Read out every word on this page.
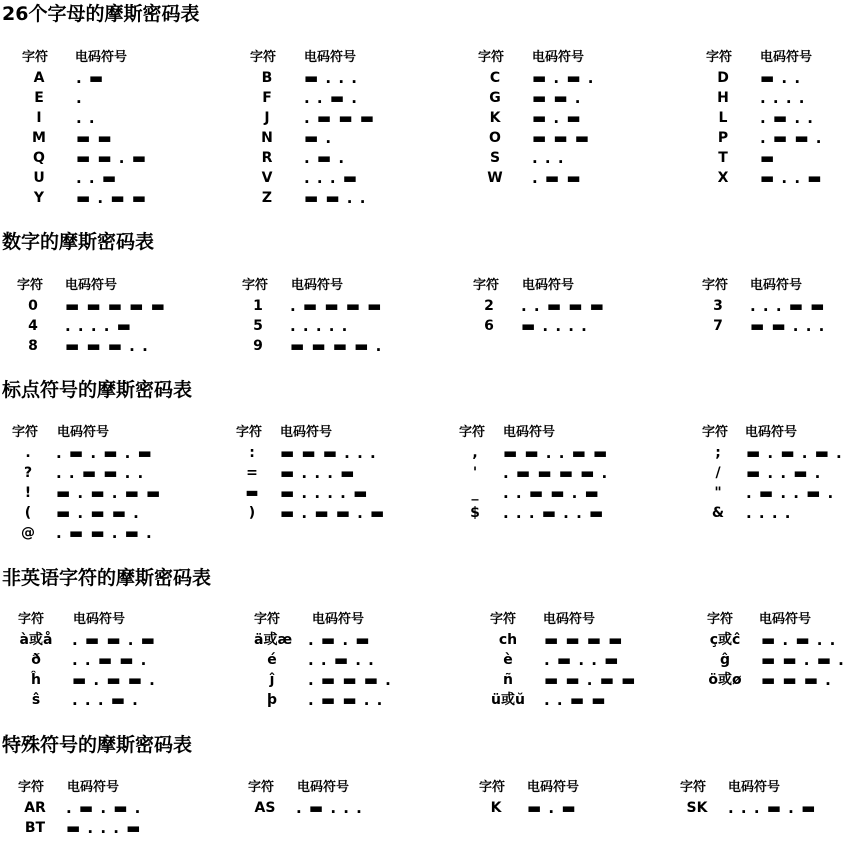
26个字母的摩斯密码表
字符 电码符号
A	. ▬
E	.
I	. .
M	▬ ▬
Q	▬ ▬ . ▬
U	. . ▬
Y	▬ . ▬ ▬
字符 电码符号
B	▬ . . .
F	. . ▬ .
J	. ▬ ▬ ▬
N	▬ .
R	. ▬ .
V	. . . ▬
Z	▬ ▬ . .
字符 电码符号
C	▬ . ▬ .
G	▬ ▬ .
K	▬ . ▬
O	▬ ▬ ▬
S	. . .
W	. ▬ ▬
字符 电码符号
D	▬ . .
H	. . . .
L	. ▬ . .
P	. ▬ ▬ .
T	▬
X	▬ . . ▬
数字的摩斯密码表
字符 电码符号
0	▬ ▬ ▬ ▬ ▬
4	. . . . ▬
8	▬ ▬ ▬ . .
字符 电码符号
1	. ▬ ▬ ▬ ▬
5	. . . . .
9	▬ ▬ ▬ ▬ .
字符 电码符号
2	. . ▬ ▬ ▬
6	▬ . . . .
字符 电码符号
3	. . . ▬ ▬
7	▬ ▬ . . .
标点符号的摩斯密码表
字符 电码符号
.	. ▬ . ▬ . ▬
?	. . ▬ ▬ . .
!	▬ . ▬ . ▬ ▬
(	▬ . ▬ ▬ .
@	. ▬ ▬ . ▬ .
字符 电码符号
:	▬ ▬ ▬ . . .
=	▬ . . . ▬
▬	▬ . . . . ▬
)	▬ . ▬ ▬ . ▬
字符 电码符号
,	▬ ▬ . . ▬ ▬
'	. ▬ ▬ ▬ ▬ .
_	. . ▬ ▬ . ▬
$	. . . ▬ . . ▬
字符 电码符号
;	▬ . ▬ . ▬ .
/	▬ . . ▬ .
"	. ▬ . . ▬ .
&	. . . .
非英语字符的摩斯密码表
字符 电码符号
à或å . ▬ ▬ . ▬
ð	. . ▬ ▬ .
ĥ	▬ . ▬ ▬ .
ŝ	. . . ▬ .
字符 电码符号
ä或æ . ▬ . ▬
é	. . ▬ . .
ĵ	. ▬ ▬ ▬ .
þ	. ▬ ▬ . .
字符 电码符号
ch	▬ ▬ ▬ ▬
è	. ▬ . . ▬
ñ	▬ ▬ . ▬ ▬
ü或ŭ . . ▬ ▬
字符 电码符号
ç或ĉ ▬ . ▬ . .
ĝ	▬ ▬ . ▬ .
ö或ø ▬ ▬ ▬ .
特殊符号的摩斯密码表
字符 电码符号
AR	. ▬ . ▬ .
BT	▬ . . . ▬
字符 电码符号
AS	. ▬ . . .
字符 电码符号
K	▬ . ▬
字符 电码符号
SK	. . . ▬ . ▬
